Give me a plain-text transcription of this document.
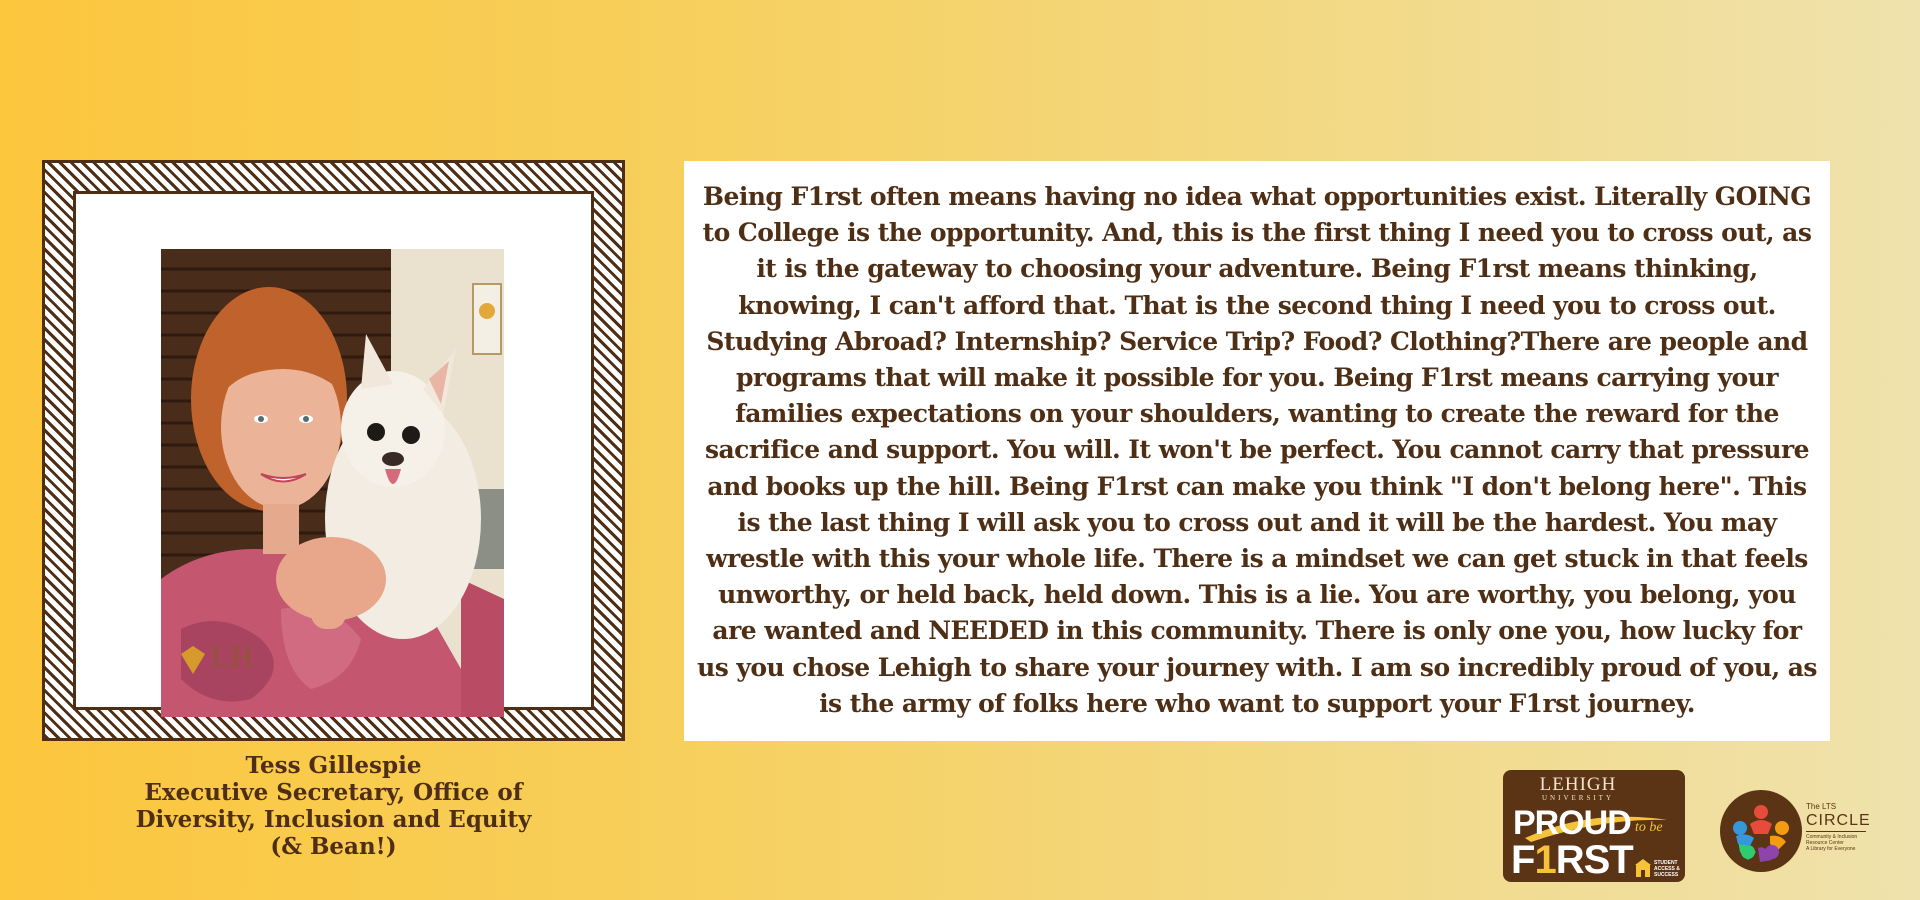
LH
Tess Gillespie
Executive Secretary, Office of
Diversity, Inclusion and Equity
(& Bean!)

Being F1rst often means having no idea what opportunities exist. Literally GOING to College is the opportunity. And, this is the first thing I need you to cross out, as it is the gateway to choosing your adventure. Being F1rst means thinking, knowing, I can't afford that. That is the second thing I need you to cross out. Studying Abroad? Internship? Service Trip? Food? Clothing?There are people and programs that will make it possible for you. Being F1rst means carrying your families expectations on your shoulders, wanting to create the reward for the sacrifice and support. You will. It won't be perfect. You cannot carry that pressure and books up the hill. Being F1rst can make you think "I don't belong here". This is the last thing I will ask you to cross out and it will be the hardest. You may wrestle with this your whole life. There is a mindset we can get stuck in that feels unworthy, or held back, held down. This is a lie. You are worthy, you belong, you are wanted and NEEDED in this community. There is only one you, how lucky for us you chose Lehigh to share your journey with. I am so incredibly proud of you, as is the army of folks here who want to support your F1rst journey.

LEHIGH
UNIVERSITY
PROUD to be
F1RST	STUDENT
ACCESS &
SUCCESS
The LTS
CIRCLE
Community & Inclusion
Resource Center
A Library for Everyone
